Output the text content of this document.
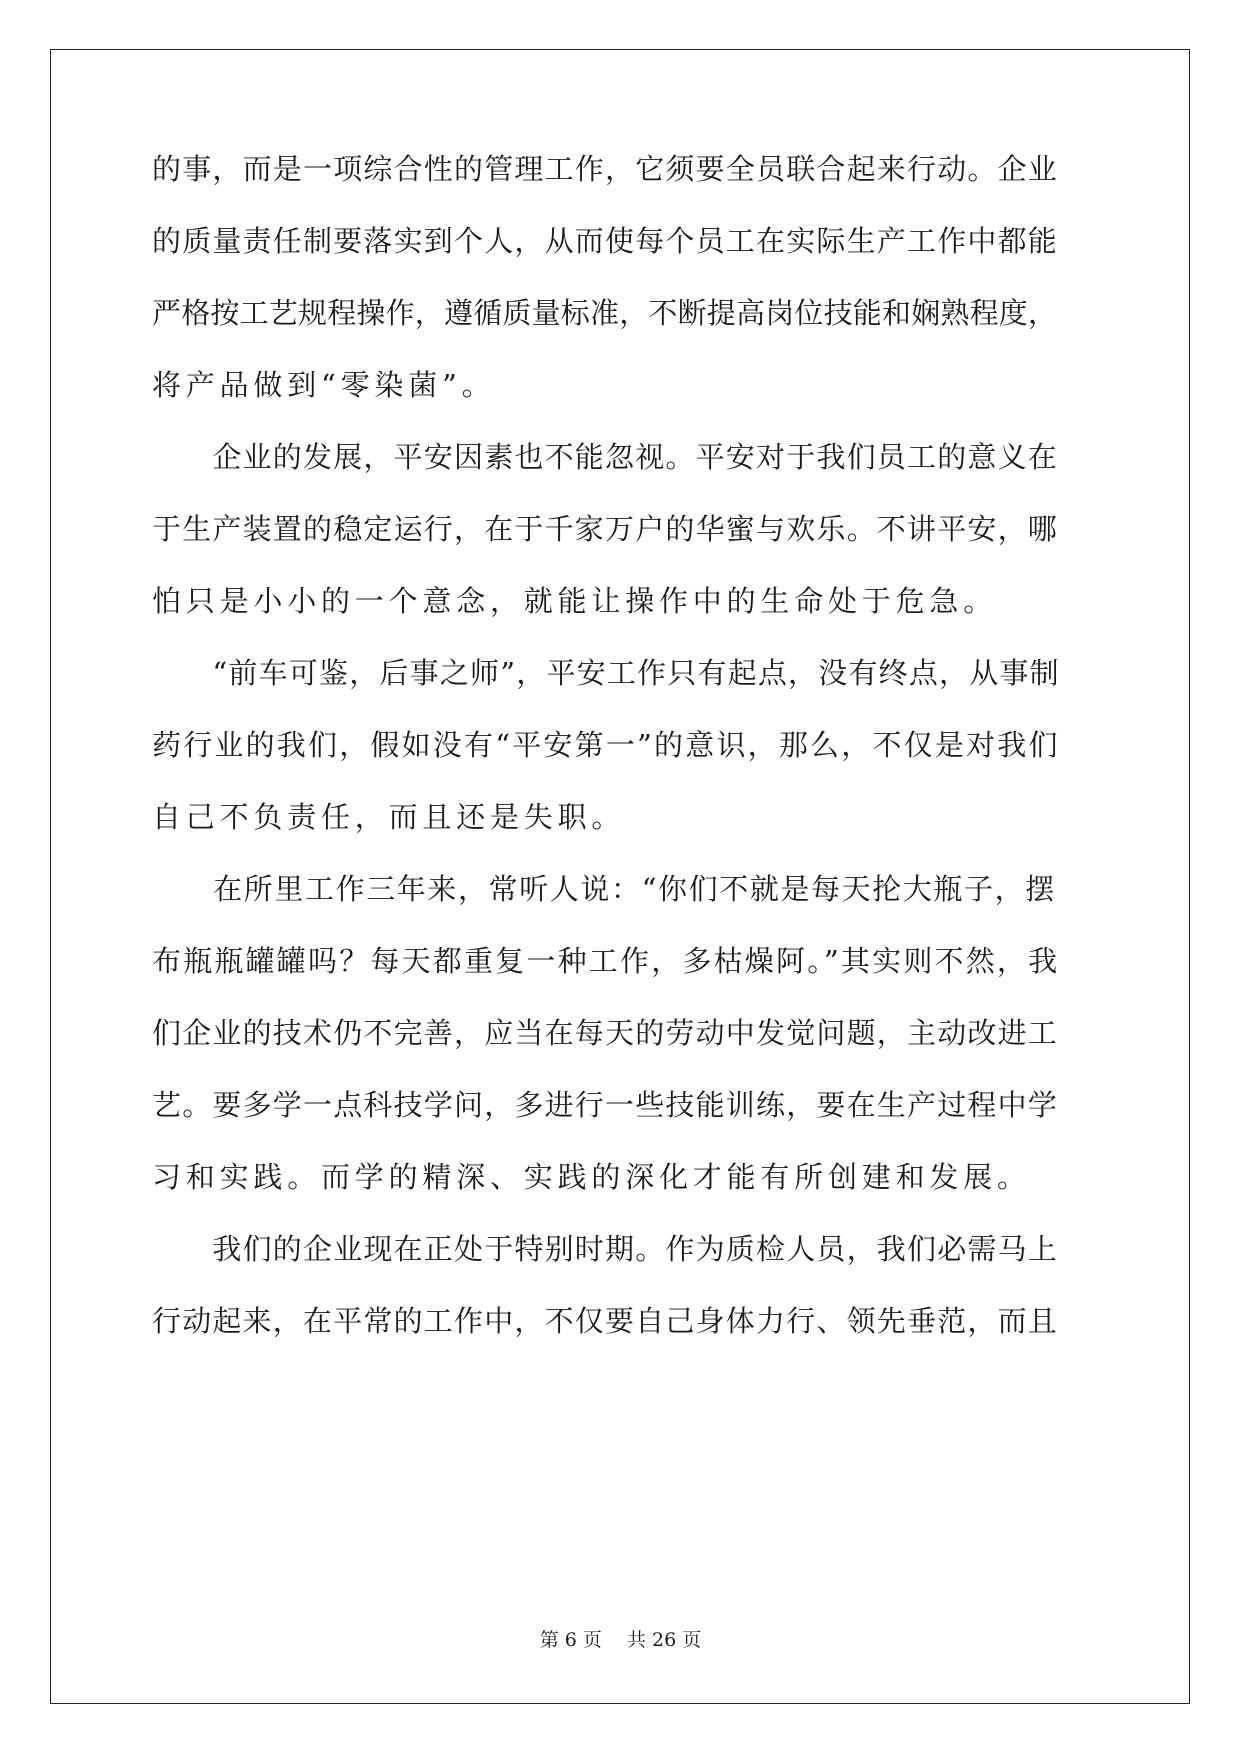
的事，而是一项综合性的管理工作，它须要全员联合起来行动。企业
的质量责任制要落实到个人，从而使每个员工在实际生产工作中都能
严格按工艺规程操作，遵循质量标准，不断提高岗位技能和娴熟程度，
将产品做到“零染菌”。
　　企业的发展，平安因素也不能忽视。平安对于我们员工的意义在
于生产装置的稳定运行，在于千家万户的华蜜与欢乐。不讲平安，哪
怕只是小小的一个意念，就能让操作中的生命处于危急。
　　“前车可鉴，后事之师”，平安工作只有起点，没有终点，从事制
药行业的我们，假如没有“平安第一”的意识，那么，不仅是对我们
自己不负责任，而且还是失职。
　　在所里工作三年来，常听人说：“你们不就是每天抡大瓶子，摆
布瓶瓶罐罐吗？每天都重复一种工作，多枯燥阿。”其实则不然，我
们企业的技术仍不完善，应当在每天的劳动中发觉问题，主动改进工
艺。要多学一点科技学问，多进行一些技能训练，要在生产过程中学
习和实践。而学的精深、实践的深化才能有所创建和发展。
　　我们的企业现在正处于特别时期。作为质检人员，我们必需马上
行动起来，在平常的工作中，不仅要自己身体力行、领先垂范，而且
第 6 页　 共 26 页
